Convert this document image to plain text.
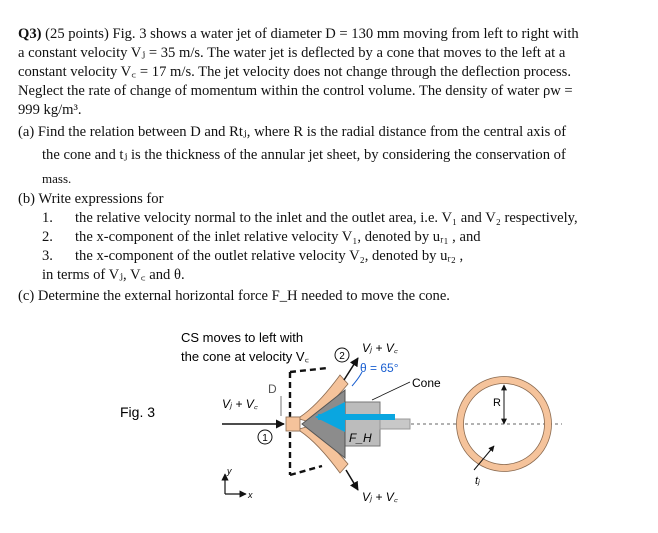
Q3) (25 points) Fig. 3 shows a water jet of diameter D = 130 mm moving from left to right with
a constant velocity Vⱼ = 35 m/s. The water jet is deflected by a cone that moves to the left at a
constant velocity V꜀ = 17 m/s. The jet velocity does not change through the deflection process.
Neglect the rate of change of momentum within the control volume. The density of water ρw =
999 kg/m³.
(a) Find the relation between D and Rtⱼ, where R is the radial distance from the central axis of
the cone and tⱼ is the thickness of the annular jet sheet, by considering the conservation of
mass.
(b) Write expressions for
1. the relative velocity normal to the inlet and the outlet area, i.e. V₁ and V₂ respectively,
2. the x-component of the inlet relative velocity V₁, denoted by uᵣ₁ , and
3. the x-component of the outlet relative velocity V₂, denoted by uᵣ₂ ,
in terms of Vⱼ, V꜀ and θ.
(c) Determine the external horizontal force F_H needed to move the cone.
Fig. 3
CS moves to left with
the cone at velocity V꜀
F_H
Vⱼ + V꜀
D
1
2
Vⱼ + V꜀
Vⱼ + V꜀
θ = 65°
Cone
y
x
R
tⱼ
